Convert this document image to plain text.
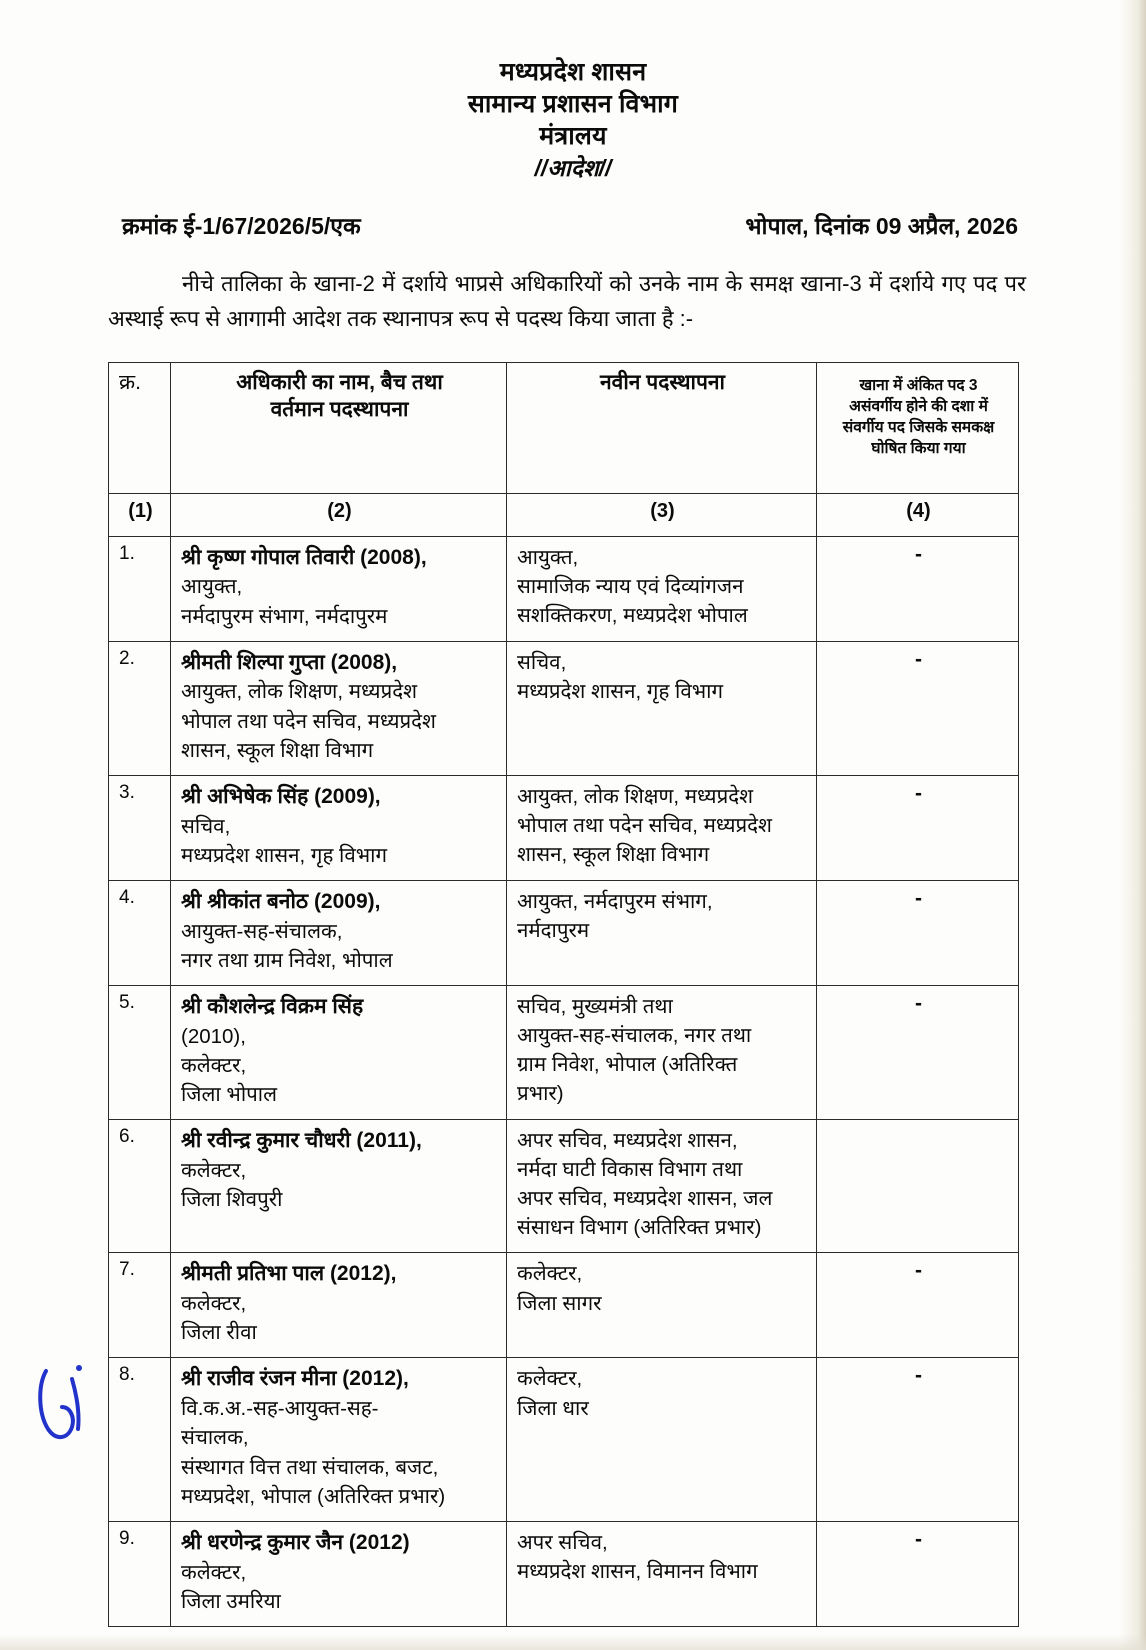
मध्यप्रदेश शासन
सामान्य प्रशासन विभाग
मंत्रालय
//आदेश//
क्रमांक ई-1/67/2026/5/एक	भोपाल, दिनांक 09 अप्रैल, 2026
नीचे तालिका के खाना-2 में दर्शाये भाप्रसे अधिकारियों को उनके नाम के समक्ष खाना-3 में दर्शाये गए पद पर अस्थाई रूप से आगामी आदेश तक स्थानापत्र रूप से पदस्थ किया जाता है :-
क्र.	अधिकारी का नाम, बैच तथा
वर्तमान पदस्थापना	नवीन पदस्थापना	खाना में अंकित पद 3
असंवर्गीय होने की दशा में
संवर्गीय पद जिसके समकक्ष
घोषित किया गया

(1)	(2)	(3)	(4)
1.	श्री कृष्ण गोपाल तिवारी (2008),
आयुक्त,
नर्मदापुरम संभाग, नर्मदापुरम	आयुक्त,
सामाजिक न्याय एवं दिव्यांगजन
सशक्तिकरण, मध्यप्रदेश भोपाल	-
2.	श्रीमती शिल्पा गुप्ता (2008),
आयुक्त, लोक शिक्षण, मध्यप्रदेश
भोपाल तथा पदेन सचिव, मध्यप्रदेश
शासन, स्कूल शिक्षा विभाग	सचिव,
मध्यप्रदेश शासन, गृह विभाग	-
3.	श्री अभिषेक सिंह (2009),
सचिव,
मध्यप्रदेश शासन, गृह विभाग	आयुक्त, लोक शिक्षण, मध्यप्रदेश
भोपाल तथा पदेन सचिव, मध्यप्रदेश
शासन, स्कूल शिक्षा विभाग	-
4.	श्री श्रीकांत बनोठ (2009),
आयुक्त-सह-संचालक,
नगर तथा ग्राम निवेश, भोपाल	आयुक्त, नर्मदापुरम संभाग,
नर्मदापुरम	-
5.	श्री कौशलेन्द्र विक्रम सिंह
(2010),
कलेक्टर,
जिला भोपाल	सचिव, मुख्यमंत्री तथा
आयुक्त-सह-संचालक, नगर तथा
ग्राम निवेश, भोपाल (अतिरिक्त
प्रभार)	-
6.	श्री रवीन्द्र कुमार चौधरी (2011),
कलेक्टर,
जिला शिवपुरी	अपर सचिव, मध्यप्रदेश शासन,
नर्मदा घाटी विकास विभाग तथा
अपर सचिव, मध्यप्रदेश शासन, जल
संसाधन विभाग (अतिरिक्त प्रभार)	

7.	श्रीमती प्रतिभा पाल (2012),
कलेक्टर,
जिला रीवा	कलेक्टर,
जिला सागर	-
8.	श्री राजीव रंजन मीना (2012),
वि.क.अ.-सह-आयुक्त-सह-
संचालक,
संस्थागत वित्त तथा संचालक, बजट,
मध्यप्रदेश, भोपाल (अतिरिक्त प्रभार)	कलेक्टर,
जिला धार	-
9.	श्री धरणेन्द्र कुमार जैन (2012)
कलेक्टर,
जिला उमरिया	अपर सचिव,
मध्यप्रदेश शासन, विमानन विभाग	-
